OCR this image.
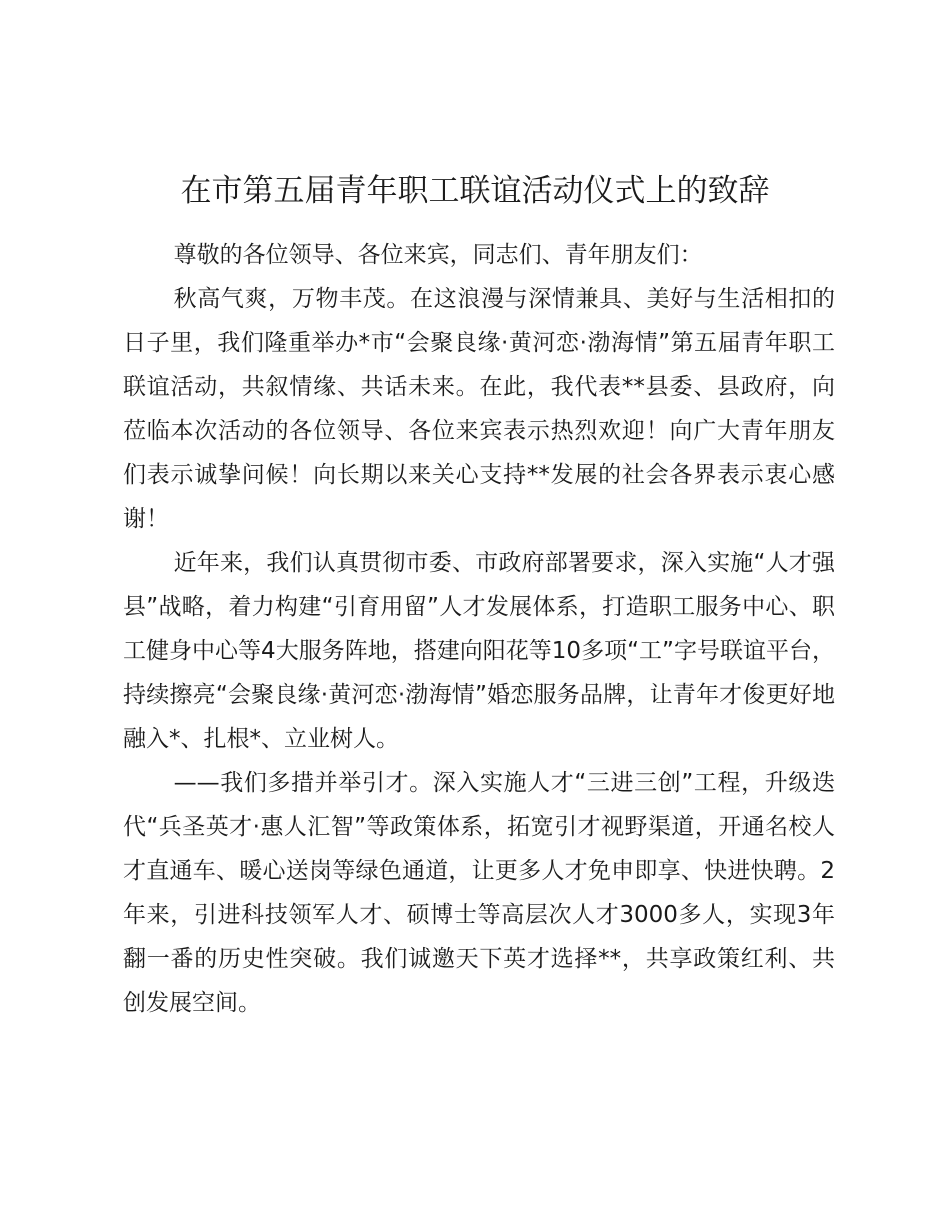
在市第五届青年职工联谊活动仪式上的致辞

尊敬的各位领导、各位来宾，同志们、青年朋友们：

秋高气爽，万物丰茂。在这浪漫与深情兼具、美好与生活相扣的日子里，我们隆重举办*市“会聚良缘·黄河恋·渤海情”第五届青年职工联谊活动，共叙情缘、共话未来。在此，我代表**县委、县政府，向莅临本次活动的各位领导、各位来宾表示热烈欢迎！向广大青年朋友们表示诚挚问候！向长期以来关心支持**发展的社会各界表示衷心感谢！

近年来，我们认真贯彻市委、市政府部署要求，深入实施“人才强县”战略，着力构建“引育用留”人才发展体系，打造职工服务中心、职工健身中心等4大服务阵地，搭建向阳花等10多项“工”字号联谊平台，持续擦亮“会聚良缘·黄河恋·渤海情”婚恋服务品牌，让青年才俊更好地融入*、扎根*、立业树人。

——我们多措并举引才。深入实施人才“三进三创”工程，升级迭代“兵圣英才·惠人汇智”等政策体系，拓宽引才视野渠道，开通名校人才直通车、暖心送岗等绿色通道，让更多人才免申即享、快进快聘。2年来，引进科技领军人才、硕博士等高层次人才3000多人，实现3年翻一番的历史性突破。我们诚邀天下英才选择**，共享政策红利、共创发展空间。
